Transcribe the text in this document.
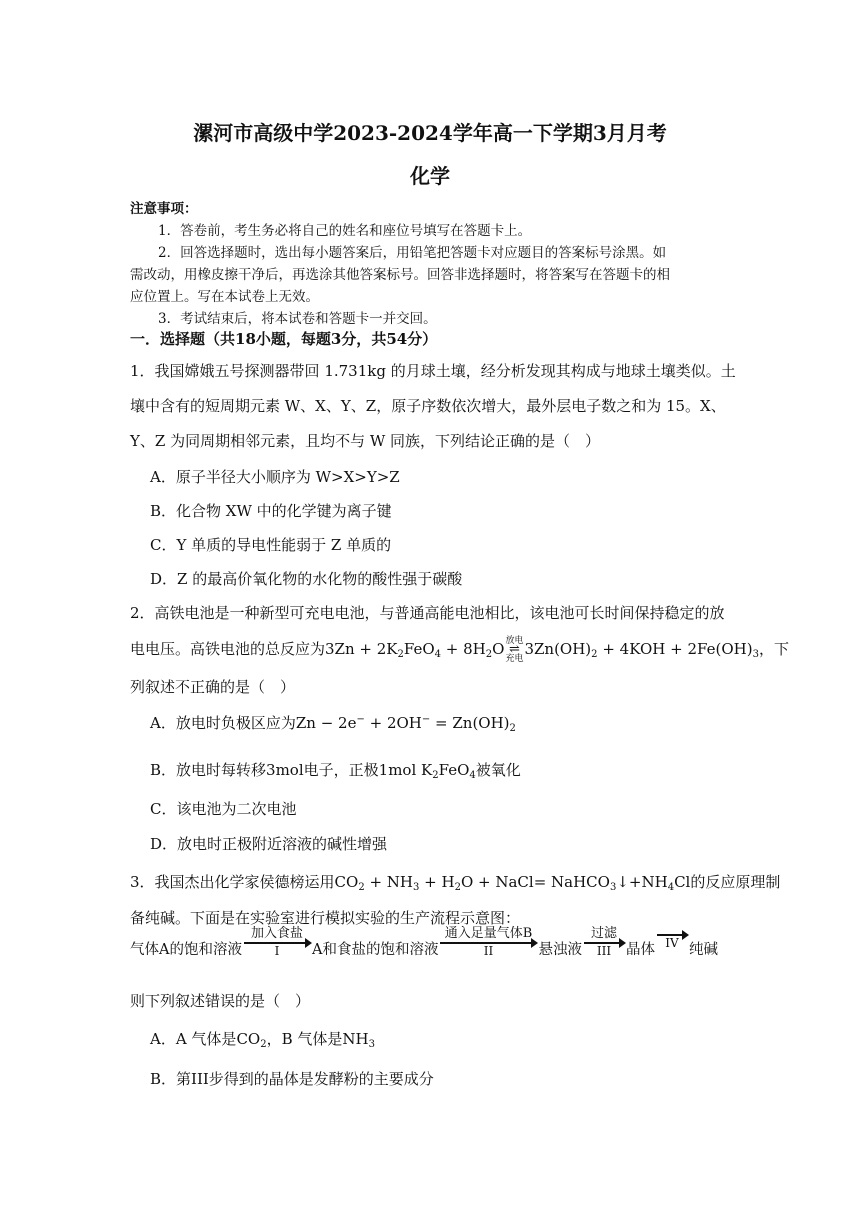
漯河市高级中学2023-2024学年高一下学期3月月考
化学
注意事项：
1．答卷前，考生务必将自己的姓名和座位号填写在答题卡上。
2．回答选择题时，选出每小题答案后，用铅笔把答题卡对应题目的答案标号涂黑。如
需改动，用橡皮擦干净后，再选涂其他答案标号。回答非选择题时，将答案写在答题卡的相
应位置上。写在本试卷上无效。
3．考试结束后，将本试卷和答题卡一并交回。
一．选择题（共18小题，每题3分，共54分）
1．我国嫦娥五号探测器带回 1.731kg 的月球土壤，经分析发现其构成与地球土壤类似。土
壤中含有的短周期元素 W、X、Y、Z，原子序数依次增大，最外层电子数之和为 15。X、
Y、Z 为同周期相邻元素，且均不与 W 同族，下列结论正确的是（　）
A．原子半径大小顺序为 W>X>Y>Z
B．化合物 XW 中的化学键为离子键
C．Y 单质的导电性能弱于 Z 单质的
D．Z 的最高价氧化物的水化物的酸性强于碳酸
2．高铁电池是一种新型可充电电池，与普通高能电池相比，该电池可长时间保持稳定的放
电电压。高铁电池的总反应为$3Zn + 2K_2FeO_4 + 8H_2O$ 放电
⇌
充电
$3Zn(OH)_2 + 4KOH + 2Fe(OH)_3$，下
列叙述不正确的是（　）
A．放电时负极区应为$Zn - 2e^- + 2OH^- = Zn(OH)_2$
B．放电时每转移3mol电子，正极1mol $K_2FeO_4$被氧化
C．该电池为二次电池
D．放电时正极附近溶液的碱性增强
3．我国杰出化学家侯德榜运用$CO_2 + NH_3 + H_2O$ + NaCl= $NaHCO_3↓+NH_4Cl$的反应原理制
备纯碱。下面是在实验室进行模拟实验的生产流程示意图：
气体A的饱和溶液
加入食盐
I A和食盐的饱和溶液
通入足量气体B
II	悬浊液
过滤
III 晶体 IV 纯碱
则下列叙述错误的是（　）
A．A 气体是$CO_2$，B 气体是$NH_3$
B．第III步得到的晶体是发酵粉的主要成分
